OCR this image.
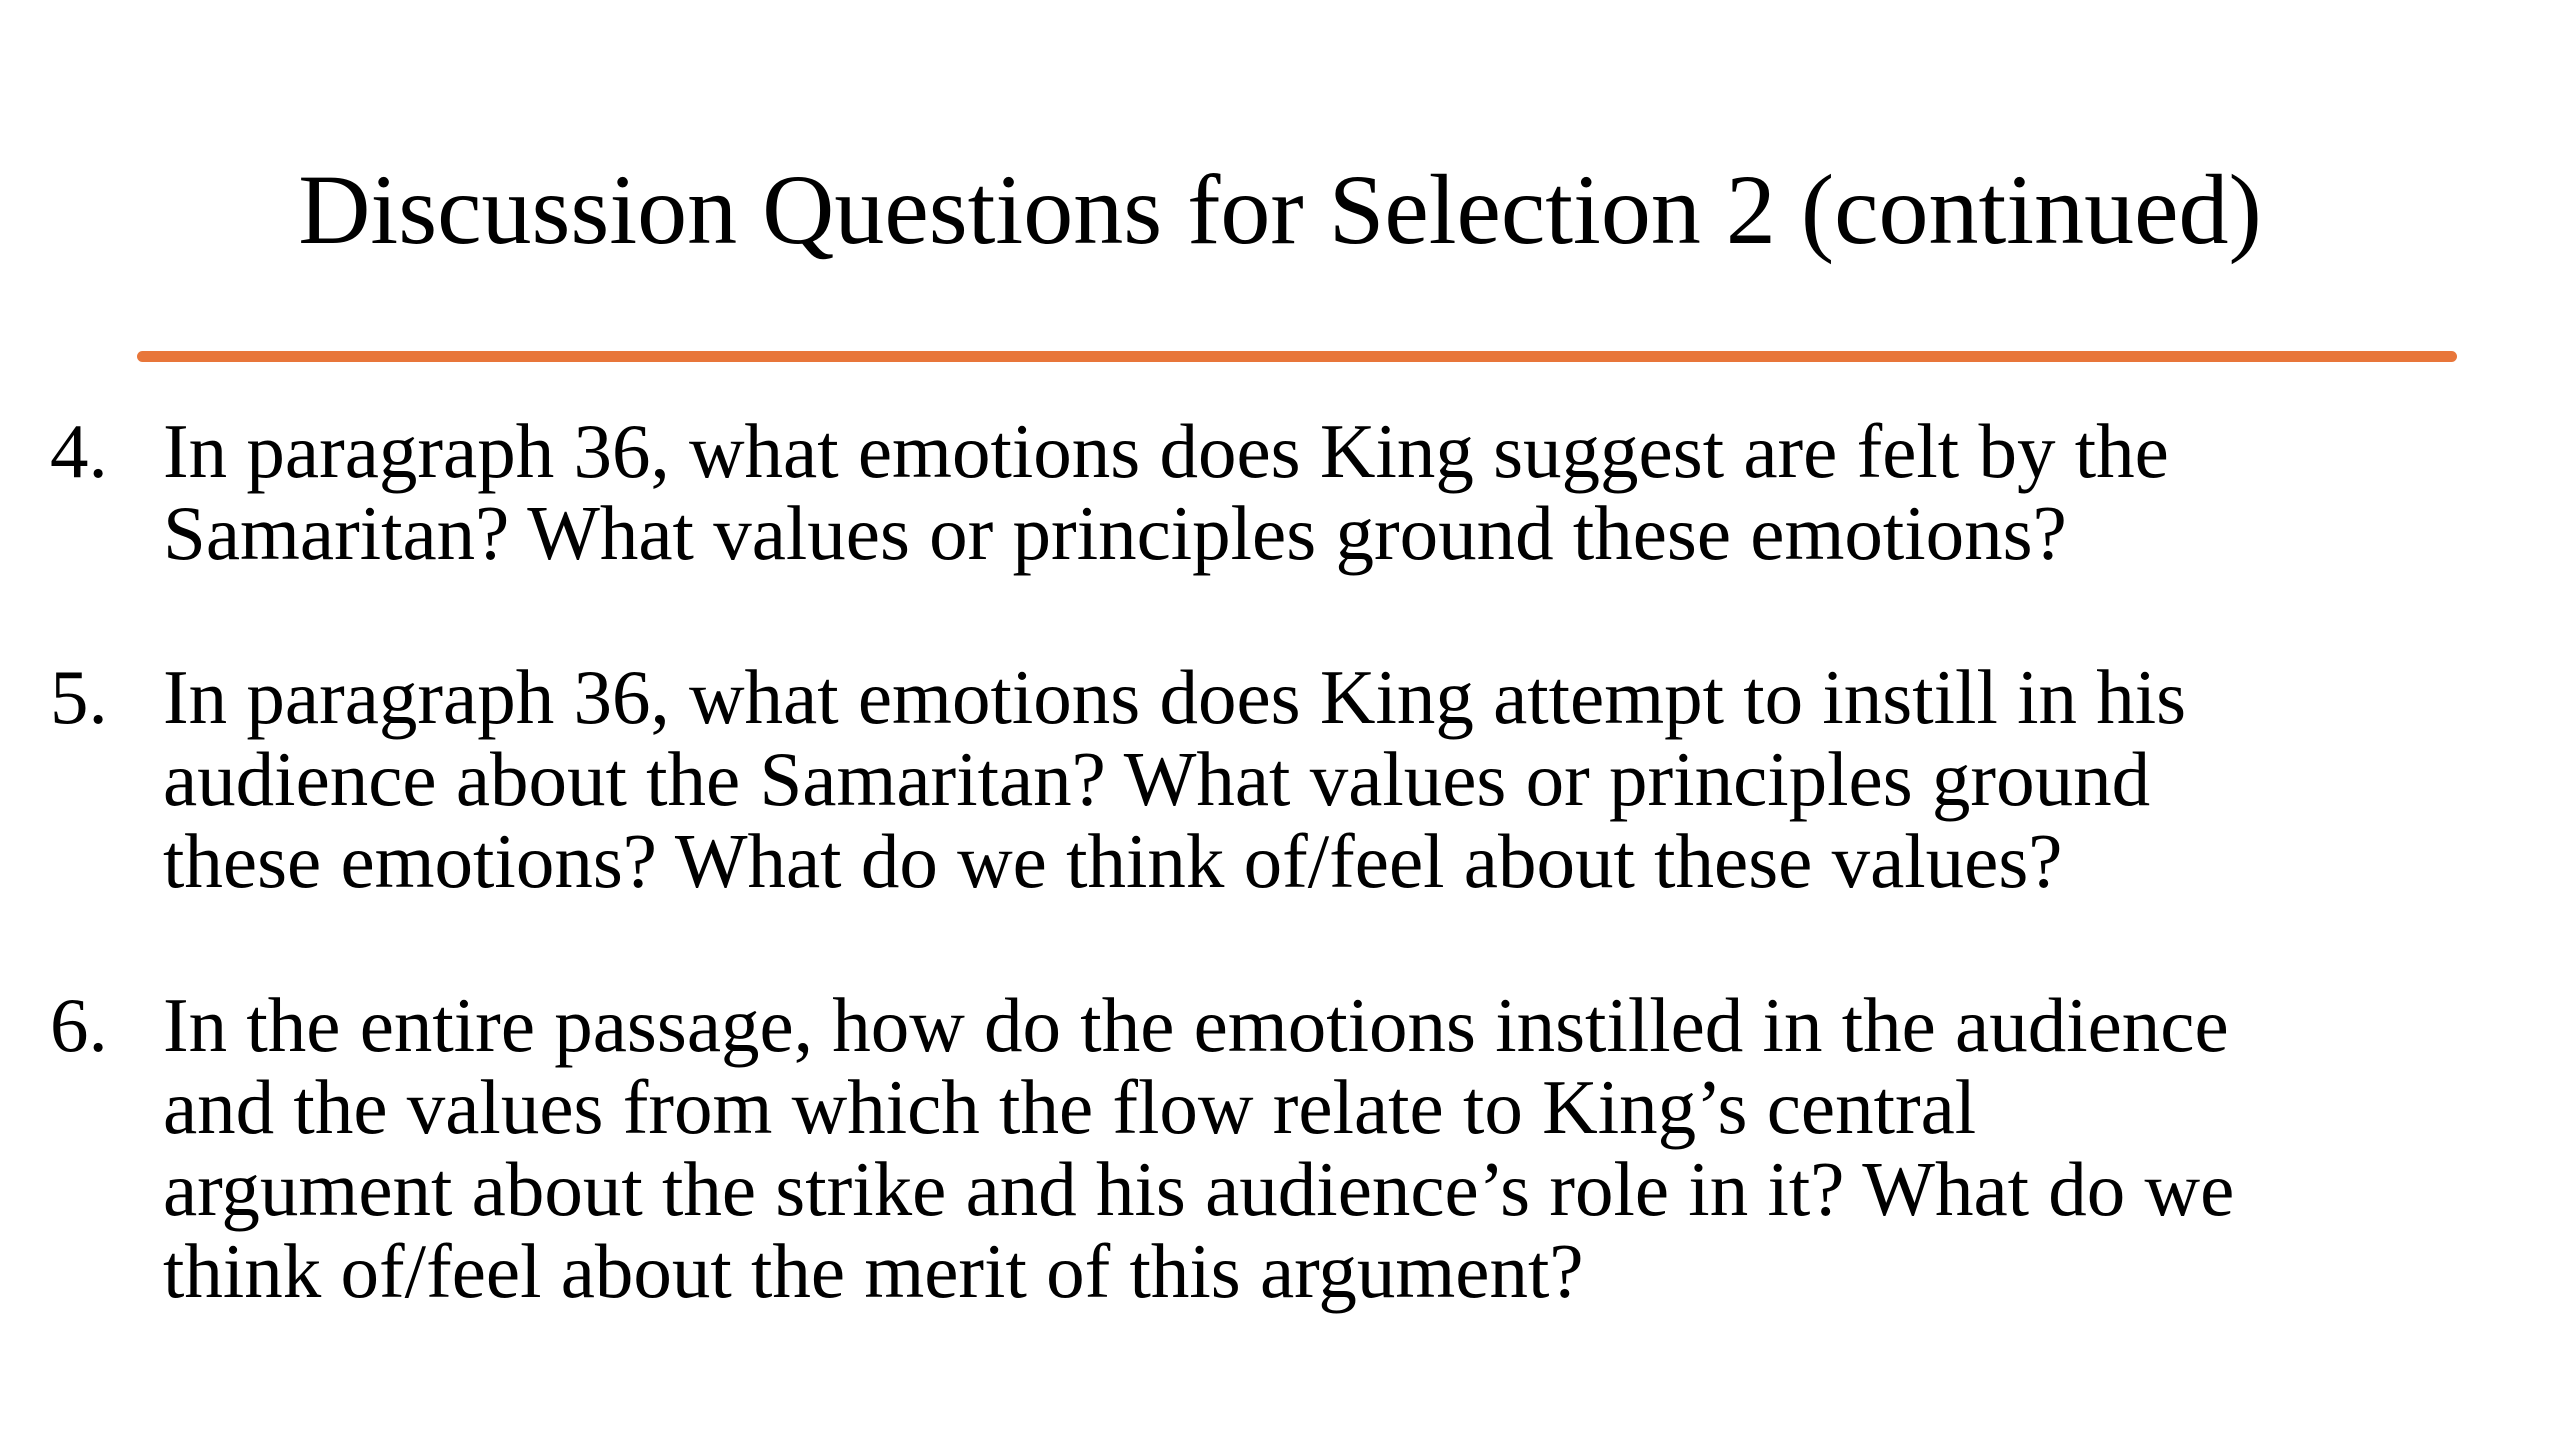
Discussion Questions for Selection 2 (continued)
4. In paragraph 36, what emotions does King suggest are felt by the
Samaritan? What values or principles ground these emotions?
5. In paragraph 36, what emotions does King attempt to instill in his
audience about the Samaritan? What values or principles ground
these emotions? What do we think of/feel about these values?
6. In the entire passage, how do the emotions instilled in the audience
and the values from which the flow relate to King’s central
argument about the strike and his audience’s role in it? What do we
think of/feel about the merit of this argument?
